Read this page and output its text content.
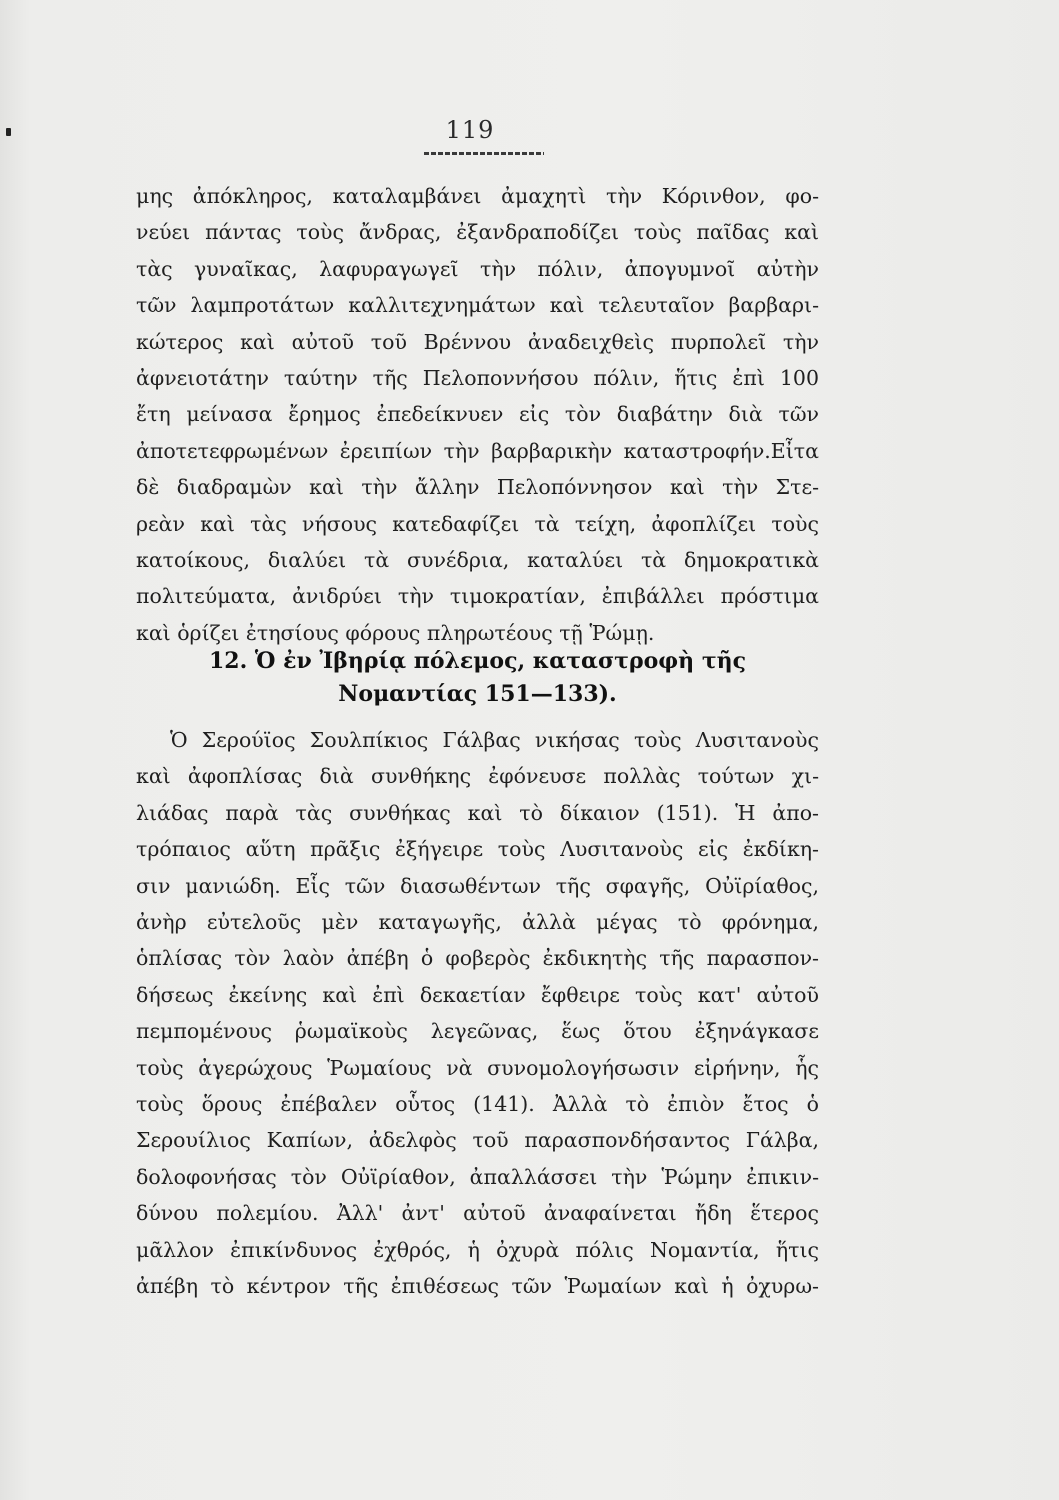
119
μης ἀπόκληρος, καταλαμβάνει ἀμαχητὶ τὴν Κόρινθον, φο-
νεύει πάντας τοὺς ἄνδρας, ἐξανδραποδίζει τοὺς παῖδας καὶ
τὰς γυναῖκας, λαφυραγωγεῖ τὴν πόλιν, ἀπογυμνοῖ αὐτὴν
τῶν λαμπροτάτων καλλιτεχνημάτων καὶ τελευταῖον βαρβαρι-
κώτερος καὶ αὐτοῦ τοῦ Βρέννου ἀναδειχθεὶς πυρπολεῖ τὴν
ἀφνειοτάτην ταύτην τῆς Πελοποννήσου πόλιν, ἥτις ἐπὶ 100
ἔτη μείνασα ἔρημος ἐπεδείκνυεν εἰς τὸν διαβάτην διὰ τῶν
ἀποτετεφρωμένων ἐρειπίων τὴν βαρβαρικὴν καταστροφήν.Εἶτα
δὲ διαδραμὼν καὶ τὴν ἄλλην Πελοπόννησον καὶ τὴν Στε-
ρεὰν καὶ τὰς νήσους κατεδαφίζει τὰ τείχη, ἀφοπλίζει τοὺς
κατοίκους, διαλύει τὰ συνέδρια, καταλύει τὰ δημοκρατικὰ
πολιτεύματα, ἀνιδρύει τὴν τιμοκρατίαν, ἐπιβάλλει πρόστιμα
καὶ ὁρίζει ἐτησίους φόρους πληρωτέους τῇ Ῥώμῃ.
12. Ὁ ἐν Ἰβηρίᾳ πόλεμος, καταστροφὴ τῆς
Νομαντίας 151—133).
Ὁ Σερούϊος Σουλπίκιος Γάλβας νικήσας τοὺς Λυσιτανοὺς
καὶ ἀφοπλίσας διὰ συνθήκης ἐφόνευσε πολλὰς τούτων χι-
λιάδας παρὰ τὰς συνθήκας καὶ τὸ δίκαιον (151). Ἡ ἀπο-
τρόπαιος αὕτη πρᾶξις ἐξήγειρε τοὺς Λυσιτανοὺς εἰς ἐκδίκη-
σιν μανιώδη. Εἷς τῶν διασωθέντων τῆς σφαγῆς, Οὐϊρίαθος,
ἀνὴρ εὐτελοῦς μὲν καταγωγῆς, ἀλλὰ μέγας τὸ φρόνημα,
ὁπλίσας τὸν λαὸν ἀπέβη ὁ φοβερὸς ἐκδικητὴς τῆς παρασπον-
δήσεως ἐκείνης καὶ ἐπὶ δεκαετίαν ἔφθειρε τοὺς κατ' αὐτοῦ
πεμπομένους ῥωμαϊκοὺς λεγεῶνας, ἕως ὅτου ἐξηνάγκασε
τοὺς ἀγερώχους Ῥωμαίους νὰ συνομολογήσωσιν εἰρήνην, ἧς
τοὺς ὅρους ἐπέβαλεν οὗτος (141). Ἀλλὰ τὸ ἐπιὸν ἔτος ὁ
Σερουίλιος Καπίων, ἀδελφὸς τοῦ παρασπονδήσαντος Γάλβα,
δολοφονήσας τὸν Οὐϊρίαθον, ἀπαλλάσσει τὴν Ῥώμην ἐπικιν-
δύνου πολεμίου. Ἀλλ' ἀντ' αὐτοῦ ἀναφαίνεται ἤδη ἕτερος
μᾶλλον ἐπικίνδυνος ἐχθρός, ἡ ὀχυρὰ πόλις Νομαντία, ἥτις
ἀπέβη τὸ κέντρον τῆς ἐπιθέσεως τῶν Ῥωμαίων καὶ ἡ ὀχυρω-
